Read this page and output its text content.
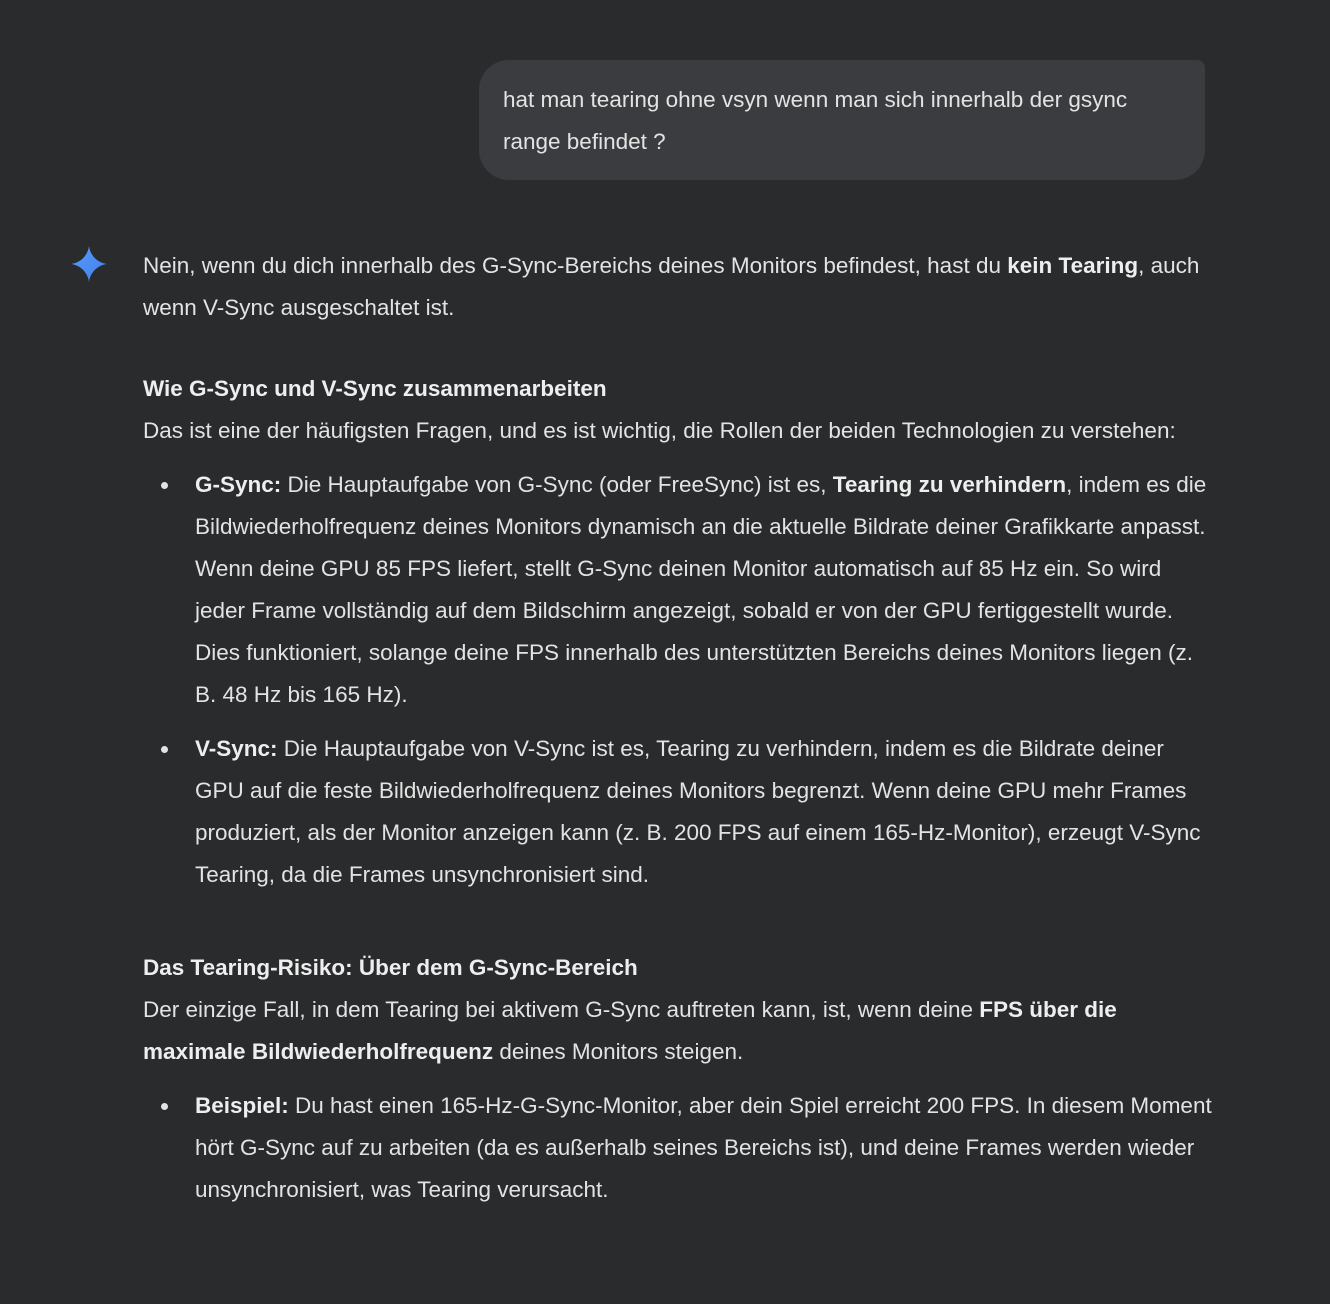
hat man tearing ohne vsyn wenn man sich innerhalb der gsync range befindet ?

Nein, wenn du dich innerhalb des G-Sync-Bereichs deines Monitors befindest, hast du kein Tearing, auch wenn V-Sync ausgeschaltet ist.

Wie G-Sync und V-Sync zusammenarbeiten

Das ist eine der häufigsten Fragen, und es ist wichtig, die Rollen der beiden Technologien zu verstehen:

G-Sync: Die Hauptaufgabe von G-Sync (oder FreeSync) ist es, Tearing zu verhindern, indem es die Bildwiederholfrequenz deines Monitors dynamisch an die aktuelle Bildrate deiner Grafikkarte anpasst. Wenn deine GPU 85 FPS liefert, stellt G-Sync deinen Monitor automatisch auf 85 Hz ein. So wird jeder Frame vollständig auf dem Bildschirm angezeigt, sobald er von der GPU fertiggestellt wurde. Dies funktioniert, solange deine FPS innerhalb des unterstützten Bereichs deines Monitors liegen (z. B. 48 Hz bis 165 Hz).
V-Sync: Die Hauptaufgabe von V-Sync ist es, Tearing zu verhindern, indem es die Bildrate deiner GPU auf die feste Bildwiederholfrequenz deines Monitors begrenzt. Wenn deine GPU mehr Frames produziert, als der Monitor anzeigen kann (z. B. 200 FPS auf einem 165-Hz-Monitor), erzeugt V-Sync Tearing, da die Frames unsynchronisiert sind.

Das Tearing-Risiko: Über dem G-Sync-Bereich

Der einzige Fall, in dem Tearing bei aktivem G-Sync auftreten kann, ist, wenn deine FPS über die maximale Bildwiederholfrequenz deines Monitors steigen.

Beispiel: Du hast einen 165-Hz-G-Sync-Monitor, aber dein Spiel erreicht 200 FPS. In diesem Moment hört G-Sync auf zu arbeiten (da es außerhalb seines Bereichs ist), und deine Frames werden wieder unsynchronisiert, was Tearing verursacht.
